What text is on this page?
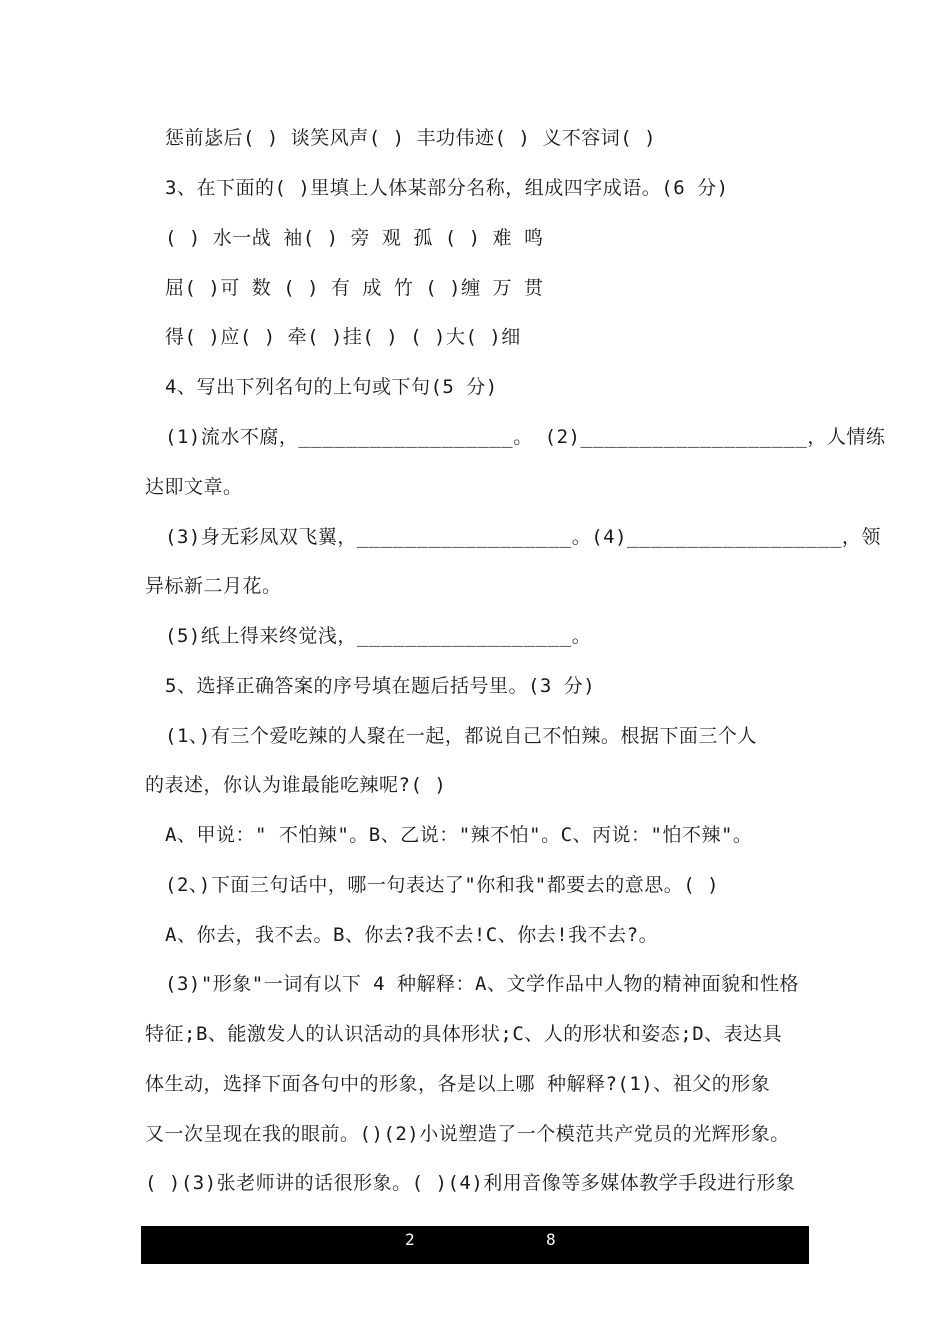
惩前毖后( ) 谈笑风声( ) 丰功伟迹( ) 义不容词( )
3、在下面的( )里填上人体某部分名称，组成四字成语。(6 分)
( ) 水一战 袖( ) 旁 观 孤 ( ) 难 鸣
屈( )可 数 ( ) 有 成 竹 ( )缠 万 贯
得( )应( ) 牵( )挂( ) ( )大( )细
4、写出下列名句的上句或下句(5 分)
(1)流水不腐，__________________。 (2)___________________，人情练
达即文章。
(3)身无彩凤双飞翼，__________________。(4)__________________，领
异标新二月花。
(5)纸上得来终觉浅，__________________。
5、选择正确答案的序号填在题后括号里。(3 分)
(1、)有三个爱吃辣的人聚在一起，都说自己不怕辣。根据下面三个人
的表述，你认为谁最能吃辣呢?( )
A、甲说：" 不怕辣"。B、乙说："辣不怕"。C、丙说："怕不辣"。
(2、)下面三句话中，哪一句表达了"你和我"都要去的意思。( )
A、你去，我不去。B、你去?我不去!C、你去!我不去?。
(3)"形象"一词有以下 4 种解释：A、文学作品中人物的精神面貌和性格
特征;B、能激发人的认识活动的具体形状;C、人的形状和姿态;D、表达具
体生动，选择下面各句中的形象，各是以上哪 种解释?(1)、祖父的形象
又一次呈现在我的眼前。()(2)小说塑造了一个模范共产党员的光辉形象。
( )(3)张老师讲的话很形象。( )(4)利用音像等多媒体教学手段进行形象
2	8
